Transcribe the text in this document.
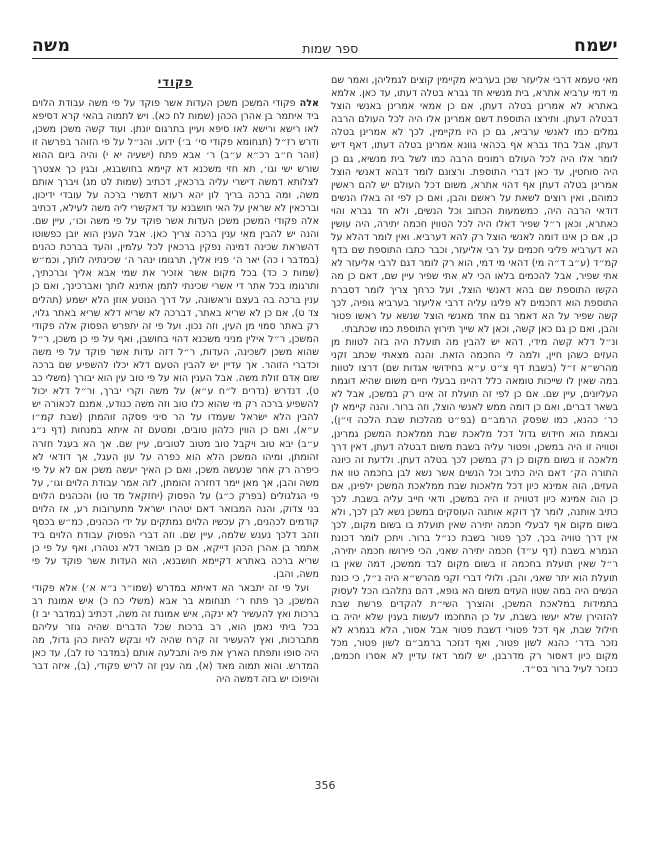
ישמח
ספר שמות
משה

מאי טעמא דרבי אליעזר שכן בערביא מקיימין קוצים לגמליהן, ואמר שם מי דמי ערביא אתרא, בית מנשיא חד גברא בטלה דעתו, עד כאן. אלמא באתרא לא אמרינן בטלה דעתן, אם כן אמאי אמרינן באנשי הוצל דבטלה דעתן. ותירצו התוספת דשם אמרינן אלו היה לכל העולם הרבה גמלים כמו לאנשי ערביא, גם כן היו מקיימין, לכך לא אמרינן בטלה דעתן, אבל בחד גברא אף בכהאי גוונא אמרינן בטלה דעתו, דאף דיש לומר אלו היה לכל העולם רמונים הרבה כמו לשל בית מנשיא, גם כן היה סוחטין, עד כאן דברי התוספת. ורצונם לומר דבהא דאנשי הוצל אמרינן בטלה דעתן אף דהוי אתרא, משום דכל העולם יש להם ראשין כמוהם, ואין רוצים לשאת על ראשם והבן, ואם כן לפי זה באלו הנשים דודאי הרבה היה, כמשמעות הכתוב וכל הנשים, ולא חד גברא והוי כאתרא, וכאן ר״ל שפיר דאלו היה לכל הטווין חכמה יתירה, היה עושין כן, אם כן אינו דומה לאנשי הוצל רק להא דערביא. ואין לומר דהלא על הא דערביא פליגי חכמים על רבי אליעזר, וכבר כתבו התוספת שם בדף קמ״ד (ע״ב ד״ה מי) דהאי מי דמי, הוא רק לומר דגם לרבי אליעזר לא אתי שפיר, אבל להכמים בלאו הכי לא אתי שפיר עיין שם, דאם כן מה הקשו התוספת שם בהא דאנשי הוצל, ועל כרחך צריך לומר דסברת התוספת הוא דחכמים לא פליגו עליה דרבי אליעזר בערביא גופיה, לכך קשה שפיר על הא דאמר גם אחד מאנשי הוצל שנשא על ראשו פטור והבן, ואם כן גם כאן קשה, וכאן לא שייך תירוץ התוספת כמו שכתבתי.

ונ״ל דלא קשה מידי, דהא יש להבין מה תועלת היה בזה לטוות מן העזים כשהן חיין, ולמה לי החכמה הזאת. והנה מצאתי שכתב זקני מהרש״א ז״ל (בשבת דף צ״ט ע״א בחידושי אגדות שם) דרצו לטוות במה שאין לו שייכות טומאה כלל דהיינו בבעלי חיים משום שהיא דוגמת העליונים, עיין שם. אם כן לפי זה תועלת זה אינו רק במשכן, אבל לא בשאר דברים, ואם כן דומה ממש לאנשי הוצל, וזה ברור. והנה קיימא לן כר׳ כהנא, כמו שפסק הרמב״ם (בפ״ט מהלכות שבת הלכה זי״ן), ובאמת הוא חידוש גדול דכל מלאכת שבת ממלאכת המשכן גמרינן, וטוויה זו היה במשכן, ופטור עליה בשבת משום דבטלה דעתן, דאין דרך מלאכה זו בשום מקום כן רק במשכן לכך בטלה דעתן. ולדעת זה כיונה התורה הק׳ דאם היה כתיב וכל הנשים אשר נשא לבן בחכמה טוו את העזים, הוה אמינא כיון דכל מלאכות שבת ממלאכת המשכן ילפינן, אם כן הוה אמינא כיון דטוויה זו היה במשכן, ודאי חייב עליה בשבת. לכך כתיב אותנה, לומר לך דוקא אותנה העוסקים במשכן נשא לבן לכך, ולא בשום מקום אף לבעלי חכמה יתירה שאין תועלת בו בשום מקום, לכך אין דרך טוויה בכך, לכך פטור בשבת כנ״ל ברור. ויתכן לומר דכונת הגמרא בשבת (דף ע״ד) חכמה יתירה שאני, הכי פירושו חכמה יתירה, ר״ל שאין תועלת בחכמה זו בשום מקום לבד ממשכן, דמה שאין בו תועלת הוא יתר שאני, והבן. ולולי דברי זקני מהרש״א היה נ״ל, כי כונת הנשים היה במה שטוו העזים משום הא גופא, דהם נתלהבו הכל לעסוק בתמידות במלאכת המשכן, והוצרך השי״ת להקדים פרשת שבת להזהירן שלא יעשו בשבת, על כן התחכמו לעשות בענין שלא יהיה בו חילול שבת, אף דכל פטורי דשבת פטור אבל אסור, הלא בגמרא לא נזכר בדר׳ כהנא לשון פטור, ואף דנזכר ברמב״ם לשון פטור, מכל מקום כיון דאסור רק מדרבנן, יש לומר דאז עדיין לא אסרו חכמים, כנזכר לעיל ברור בס״ד.

פקודי

אלה פקודי המשכן משכן העדות אשר פוקד על פי משה עבודת הלוים ביד איתמר בן אהרן הכהן (שמות לח כא). ויש לתמוה בהאי קרא דסיפא לאו רישא ורישא לאו סיפא ועיין בתרגום יונתן. ועוד קשה משכן משכן, ודרש רז״ל (תנחומא פקודי סי׳ ב׳) ידוע. והנ״ל על פי הזוהר בפרשה זו (זוהר ח״ב רכ״א ע״ב) ר׳ אבא פתח (ישעיה יא י) והיה ביום ההוא שורש ישי וגו׳, תא חזי משכנא דא קיימא בחושבנא, ובגין כך אצטרך לצלותא דמשה דישרי עליה ברכאין, דכתיב (שמות לט מג) ויברך אותם משה, ומה ברכה בריך לון יהא רעוא דתשרי ברכה על עובדי ידיכון, וברכאין לא שראין על האי חושבנא עד דאקשרי ליה משה לעילא, דכתיב אלה פקודי המשכן משכן העדות אשר פוקד על פי משה וכו׳, עיין שם. והנה יש להבין מאי ענין ברכה צריך כאן. אבל הענין הוא יובן כפשוטו דהשראת שכינה דמינה נפקין ברכאין לכל עלמין, והעד בברכת כהנים (במדבר ו כה) יאר ה׳ פניו אליך, תרגומו ינהר ה׳ שכינתיה לותך, וכמ״ש (שמות כ כד) בכל מקום אשר אזכיר את שמי אבא אליך וברכתיך, ותרגומו בכל אתר די אשרי שכינתי לתמן אתינא לותך ואברכינך, ואם כן ענין ברכה בה בעצם וראשונה, על דרך הנוטע אוזן הלא ישמע (תהלים צד ט), אם כן לא שריא באתר, דברכה לא שריא דלא שריא באתר גלוי, רק באתר סמוי מן העין, וזה נכון. ועל פי זה יתפרש הפסוק אלה פקודי המשכן, ר״ל אילין מניני משכנא דהוי בחושבן, ואף על פי כן משכן, ר״ל שהוא משכן לשכינה, העדות, ר״ל דזה עדות אשר פוקד על פי משה וכדברי הזוהר. אך עדיין יש להבין הטעם דלא יכלו להשפיע שם ברכה שום אדם זולת משה. אבל הענין הוא על פי טוב עין הוא יבורך (משלי כב ט), דנדרש (נדרים ל״ח ע״א) על משה וקרי יברך, ור״ל דלא יכול להשפיע ברכה רק מי שהוא כלו טוב וזה משה כנודע, אמנם לכאורה יש להבין הלא ישראל שעמדו על הר סיני פסקה זוהמתן (שבת קמ״ו ע״א), ואם כן הווין כלהון טובים, ומטעם זה איתא במנחות (דף נ״ג ע״ב) יבא טוב ויקבל טוב מטוב לטובים, עיין שם. אך הא בעגל חזרה זהומתן, ומיהו המשכן הלא הוא כפרה על עון העגל, אך דודאי לא כיפרה רק אחר שנעשה משכן, ואם כן האיך יעשה משכן אם לא על פי משה והבן, אך מאן יימר דחזרה זהומתן, לזה אמר עבודת הלוים וגו׳, על פי הגלגולים (בפרק כ״ג) על הפסוק (יחזקאל מד טו) והכהנים הלוים בני צדוק, והנה המבואר דאם יטהרו ישראל מתערובות רע, אז הלוים קודמים לכהנים, רק עכשיו הלוים נמתקים על ידי הכהנים, כמ״ש בכסף וזהב דלכך נענש שלמה, עיין שם. וזה דברי הפסוק עבודת הלוים ביד אתמר בן אהרן הכהן דייקא, אם כן מבואר דלא נטהרו, ואף על פי כן שריא ברכה באתרא דקיימא חושבנא, הוא העדות אשר פוקד על פי משה, והבן.

ועל פי זה יתבאר הא דאיתא במדרש (שמו״ר נ״א א׳) אלא פקודי המשכן, כך פתח ר׳ תנחומא בר אבא (משלי כח כ) איש אמונת רב ברכות ואץ להעשיר לא ינקה, איש אמונת זה משה, דכתיב (במדבר יב ז) בכל ביתי נאמן הוא, רב ברכות שכל הדברים שהיה גוזר עליהם מתברכות, ואץ להעשיר זה קרח שהיה לוי ובקש להיות כהן גדול, מה היה סופו ותפתח הארץ את פיה ותבלעה אותם (במדבר טז לב), עד כאן המדרש. והוא תמוה מאד (א), מה ענין זה לריש פקודי, (ב), איזה דבר והיפוכו יש בזה דמשה היה

356
